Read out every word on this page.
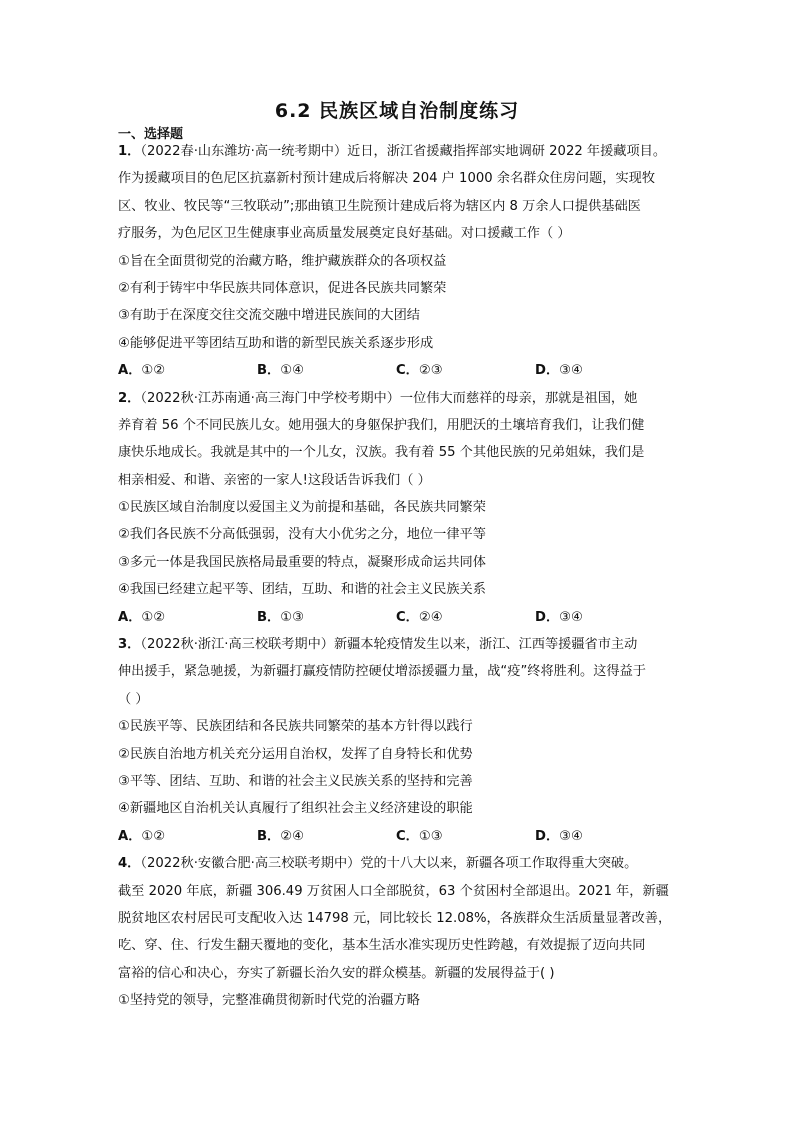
6.2 民族区域自治制度练习
一、选择题
1．（2022春·山东潍坊·高一统考期中）近日，浙江省援藏指挥部实地调研 2022 年援藏项目。
作为援藏项目的色尼区抗嘉新村预计建成后将解决 204 户 1000 余名群众住房问题，实现牧
区、牧业、牧民等“三牧联动”;那曲镇卫生院预计建成后将为辖区内 8 万余人口提供基础医
疗服务，为色尼区卫生健康事业高质量发展奠定良好基础。对口援藏工作（ ）
①旨在全面贯彻党的治藏方略，维护藏族群众的各项权益
②有利于铸牢中华民族共同体意识，促进各民族共同繁荣
③有助于在深度交往交流交融中增进民族间的大团结
④能够促进平等团结互助和谐的新型民族关系逐步形成
A．①②	B．①④	C．②③	D．③④
2．（2022秋·江苏南通·高三海门中学校考期中）一位伟大而慈祥的母亲，那就是祖国，她
养育着 56 个不同民族儿女。她用强大的身躯保护我们，用肥沃的土壤培育我们，让我们健
康快乐地成长。我就是其中的一个儿女，汉族。我有着 55 个其他民族的兄弟姐妹，我们是
相亲相爱、和谐、亲密的一家人!这段话告诉我们（ ）
①民族区域自治制度以爱国主义为前提和基础，各民族共同繁荣
②我们各民族不分高低强弱，没有大小优劣之分，地位一律平等
③多元一体是我国民族格局最重要的特点，凝聚形成命运共同体
④我国已经建立起平等、团结，互助、和谐的社会主义民族关系
A．①②	B．①③	C．②④	D．③④
3．（2022秋·浙江·高三校联考期中）新疆本轮疫情发生以来，浙江、江西等援疆省市主动
伸出援手，紧急驰援，为新疆打赢疫情防控硬仗增添援疆力量，战“疫”终将胜利。这得益于
（ ）
①民族平等、民族团结和各民族共同繁荣的基本方针得以践行
②民族自治地方机关充分运用自治权，发挥了自身特长和优势
③平等、团结、互助、和谐的社会主义民族关系的坚持和完善
④新疆地区自治机关认真履行了组织社会主义经济建设的职能
A．①②	B．②④	C．①③	D．③④
4．（2022秋·安徽合肥·高三校联考期中）党的十八大以来，新疆各项工作取得重大突破。
截至 2020 年底，新疆 306.49 万贫困人口全部脱贫，63 个贫困村全部退出。2021 年，新疆
脱贫地区农村居民可支配收入达 14798 元，同比较长 12.08%，各族群众生活质量显著改善，
吃、穿、住、行发生翻天覆地的变化，基本生活水准实现历史性跨越，有效提振了迈向共同
富裕的信心和决心，夯实了新疆长治久安的群众模基。新疆的发展得益于( )
①坚持党的领导，完整准确贯彻新时代党的治疆方略
